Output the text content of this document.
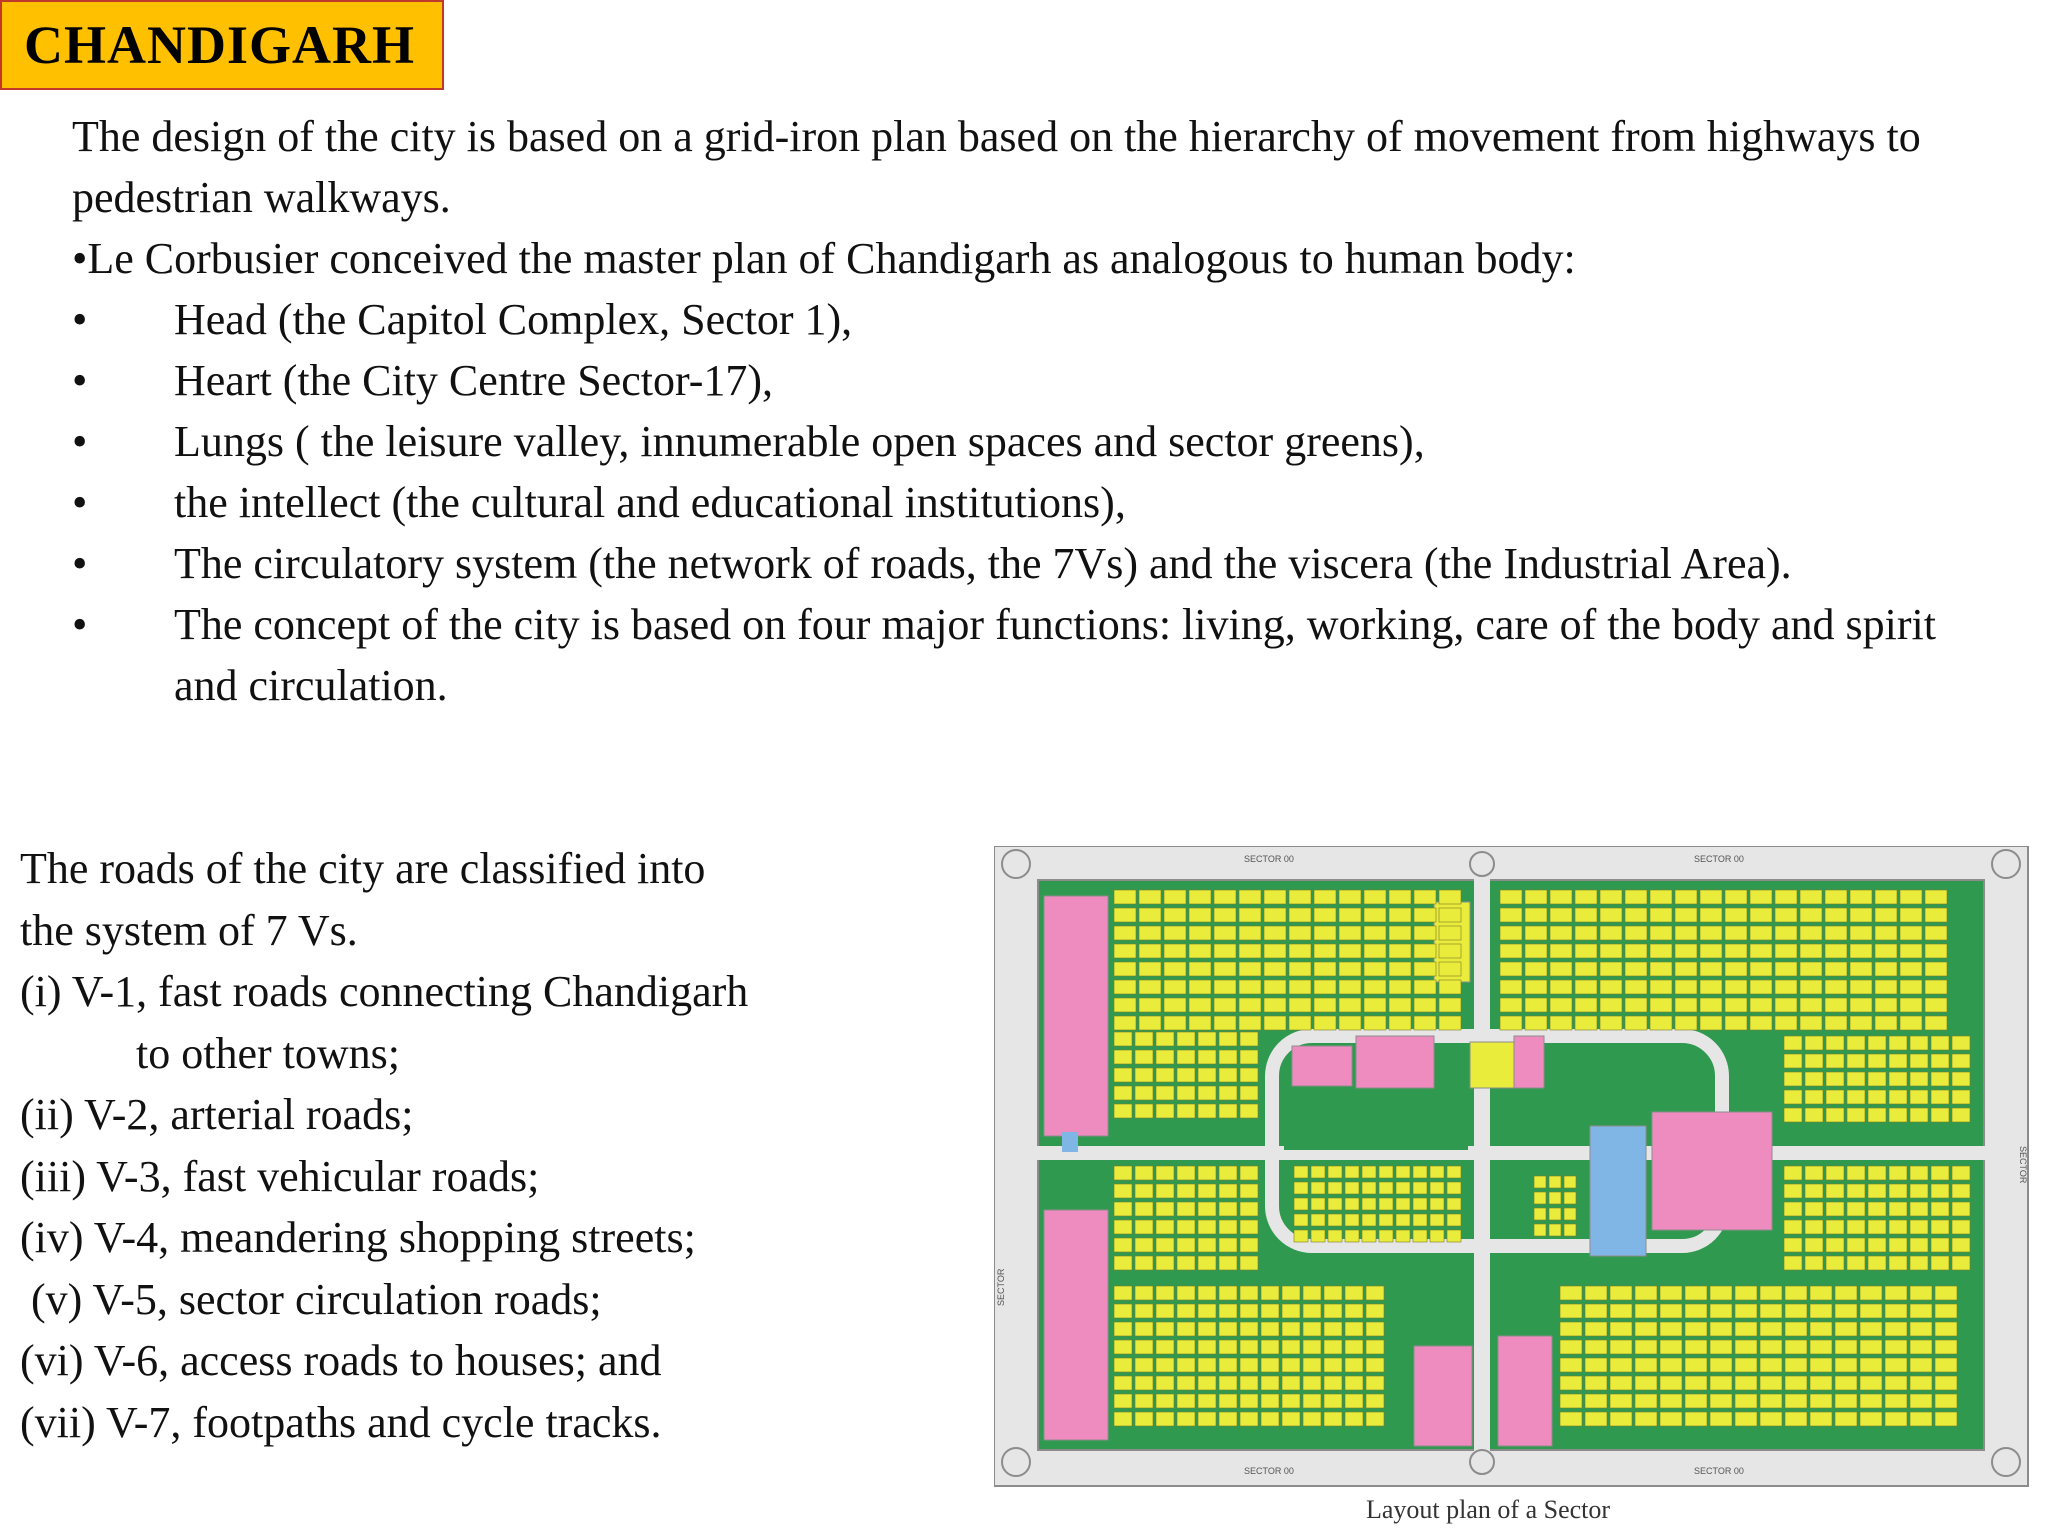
CHANDIGARH

The design of the city is based on a grid-iron plan based on the hierarchy of movement from highways to pedestrian walkways.

•Le Corbusier conceived the master plan of Chandigarh as analogous to human body:

•	Head (the Capitol Complex, Sector 1),
•	Heart (the City Centre Sector-17),
•	Lungs ( the leisure valley, innumerable open spaces and sector greens),
•	the intellect (the cultural and educational institutions),
•	The circulatory system (the network of roads, the 7Vs) and the viscera (the Industrial Area).
•	The concept of the city is based on four major functions: living, working, care of the body and spirit and circulation.

The roads of the city are classified into

the system of 7 Vs.

(i) V-1, fast roads connecting Chandigarh

to other towns;

(ii) V-2, arterial roads;

(iii) V-3, fast vehicular roads;

(iv) V-4, meandering shopping streets;

(v) V-5, sector circulation roads;

(vi) V-6, access roads to houses; and

(vii) V-7, footpaths and cycle tracks.

SECTOR 00	SECTOR 00
SECTOR 00	SECTOR 00
SECTOR
SECTOR
Layout plan of a Sector
